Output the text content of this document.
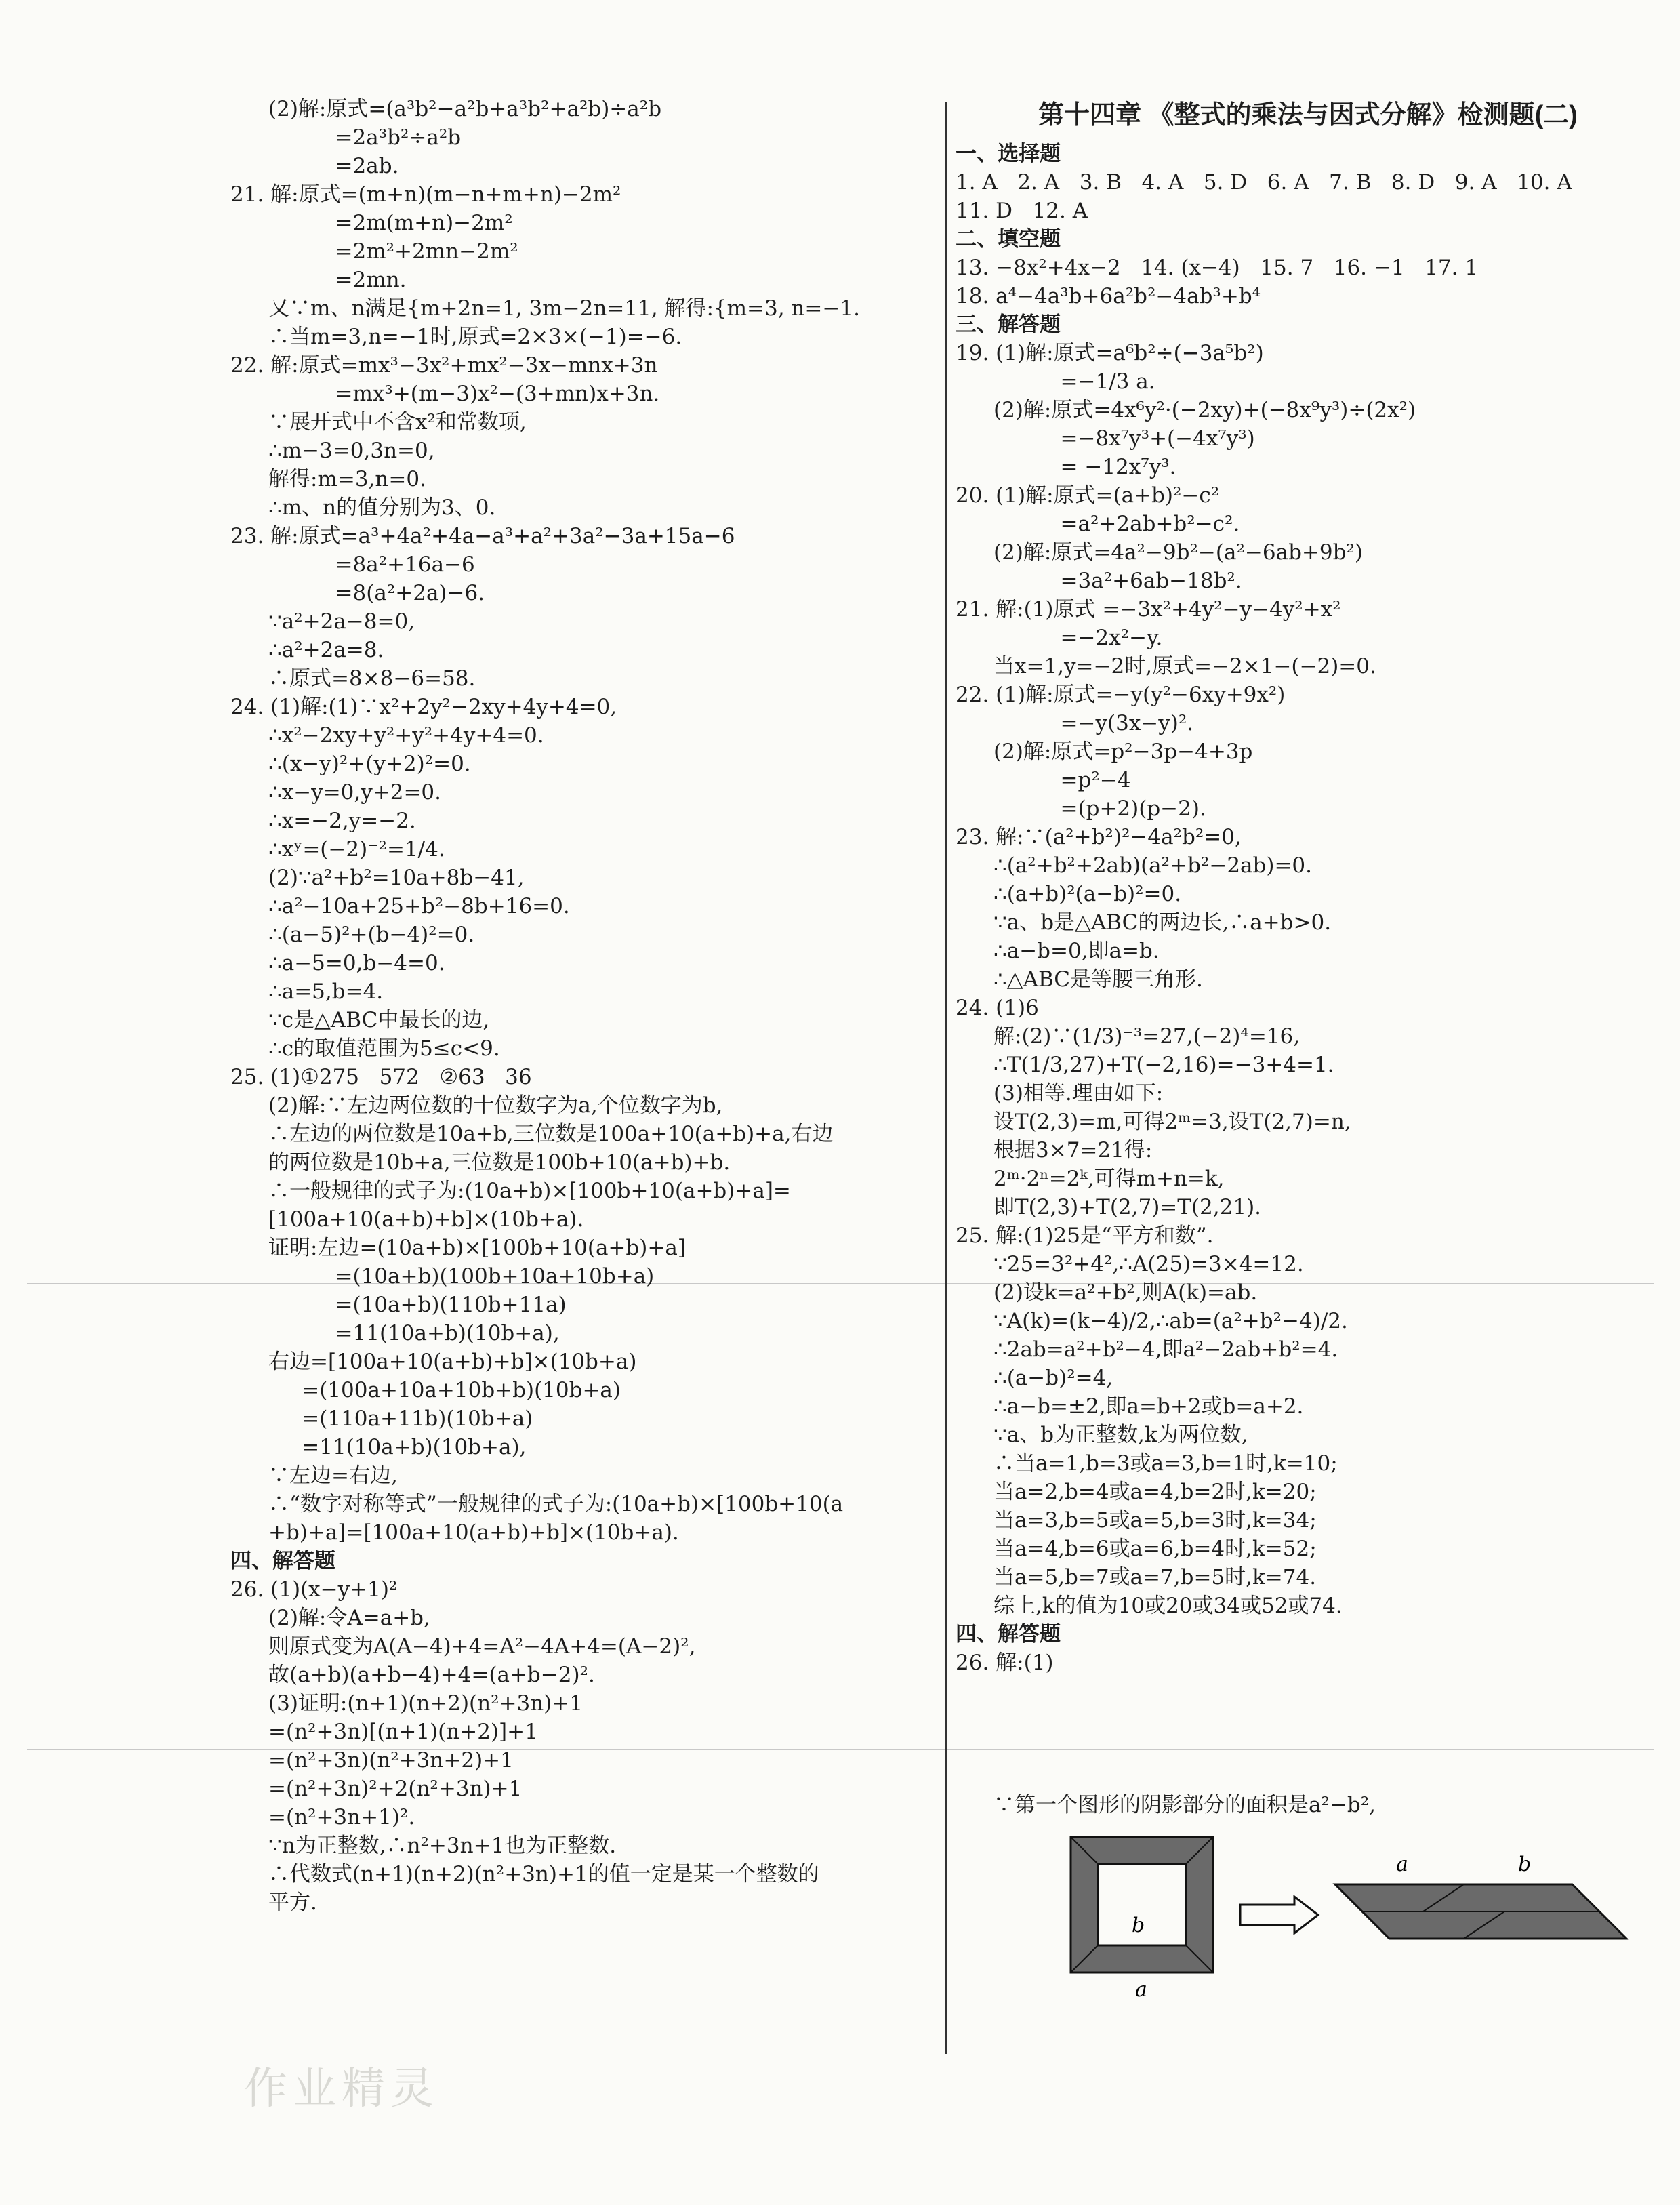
(2)解:原式=(a³b²−a²b+a³b²+a²b)÷a²b
=2a³b²÷a²b
=2ab.
21. 解:原式=(m+n)(m−n+m+n)−2m²
=2m(m+n)−2m²
=2m²+2mn−2m²
=2mn.
又∵m、n满足{m+2n=1, 3m−2n=11, 解得:{m=3, n=−1.
∴当m=3,n=−1时,原式=2×3×(−1)=−6.
22. 解:原式=mx³−3x²+mx²−3x−mnx+3n
=mx³+(m−3)x²−(3+mn)x+3n.
∵展开式中不含x²和常数项,
∴m−3=0,3n=0,
解得:m=3,n=0.
∴m、n的值分别为3、0.
23. 解:原式=a³+4a²+4a−a³+a²+3a²−3a+15a−6
=8a²+16a−6
=8(a²+2a)−6.
∵a²+2a−8=0,
∴a²+2a=8.
∴原式=8×8−6=58.
24. (1)解:(1)∵x²+2y²−2xy+4y+4=0,
∴x²−2xy+y²+y²+4y+4=0.
∴(x−y)²+(y+2)²=0.
∴x−y=0,y+2=0.
∴x=−2,y=−2.
∴xʸ=(−2)⁻²=1/4.
(2)∵a²+b²=10a+8b−41,
∴a²−10a+25+b²−8b+16=0.
∴(a−5)²+(b−4)²=0.
∴a−5=0,b−4=0.
∴a=5,b=4.
∵c是△ABC中最长的边,
∴c的取值范围为5≤c<9.
25. (1)①275   572   ②63   36
(2)解:∵左边两位数的十位数字为a,个位数字为b,
∴左边的两位数是10a+b,三位数是100a+10(a+b)+a,右边
的两位数是10b+a,三位数是100b+10(a+b)+b.
∴一般规律的式子为:(10a+b)×[100b+10(a+b)+a]=
[100a+10(a+b)+b]×(10b+a).
证明:左边=(10a+b)×[100b+10(a+b)+a]
=(10a+b)(100b+10a+10b+a)
=(10a+b)(110b+11a)
=11(10a+b)(10b+a),
右边=[100a+10(a+b)+b]×(10b+a)
=(100a+10a+10b+b)(10b+a)
=(110a+11b)(10b+a)
=11(10a+b)(10b+a),
∵左边=右边,
∴“数字对称等式”一般规律的式子为:(10a+b)×[100b+10(a
+b)+a]=[100a+10(a+b)+b]×(10b+a).
四、解答题
26. (1)(x−y+1)²
(2)解:令A=a+b,
则原式变为A(A−4)+4=A²−4A+4=(A−2)²,
故(a+b)(a+b−4)+4=(a+b−2)².
(3)证明:(n+1)(n+2)(n²+3n)+1
=(n²+3n)[(n+1)(n+2)]+1
=(n²+3n)(n²+3n+2)+1
=(n²+3n)²+2(n²+3n)+1
=(n²+3n+1)².
∵n为正整数,∴n²+3n+1也为正整数.
∴代数式(n+1)(n+2)(n²+3n)+1的值一定是某一个整数的
平方.
第十四章 《整式的乘法与因式分解》检测题(二)
一、选择题
1. A   2. A   3. B   4. A   5. D   6. A   7. B   8. D   9. A   10. A
11. D   12. A
二、填空题
13. −8x²+4x−2   14. (x−4)   15. 7   16. −1   17. 1
18. a⁴−4a³b+6a²b²−4ab³+b⁴
三、解答题
19. (1)解:原式=a⁶b²÷(−3a⁵b²)
=−1/3 a.
(2)解:原式=4x⁶y²·(−2xy)+(−8x⁹y³)÷(2x²)
=−8x⁷y³+(−4x⁷y³)
= −12x⁷y³.
20. (1)解:原式=(a+b)²−c²
=a²+2ab+b²−c².
(2)解:原式=4a²−9b²−(a²−6ab+9b²)
=3a²+6ab−18b².
21. 解:(1)原式 =−3x²+4y²−y−4y²+x²
=−2x²−y.
当x=1,y=−2时,原式=−2×1−(−2)=0.
22. (1)解:原式=−y(y²−6xy+9x²)
=−y(3x−y)².
(2)解:原式=p²−3p−4+3p
=p²−4
=(p+2)(p−2).
23. 解:∵(a²+b²)²−4a²b²=0,
∴(a²+b²+2ab)(a²+b²−2ab)=0.
∴(a+b)²(a−b)²=0.
∵a、b是△ABC的两边长,∴a+b>0.
∴a−b=0,即a=b.
∴△ABC是等腰三角形.
24. (1)6
解:(2)∵(1/3)⁻³=27,(−2)⁴=16,
∴T(1/3,27)+T(−2,16)=−3+4=1.
(3)相等.理由如下:
设T(2,3)=m,可得2ᵐ=3,设T(2,7)=n,
根据3×7=21得:
2ᵐ·2ⁿ=2ᵏ,可得m+n=k,
即T(2,3)+T(2,7)=T(2,21).
25. 解:(1)25是“平方和数”.
∵25=3²+4²,∴A(25)=3×4=12.
(2)设k=a²+b²,则A(k)=ab.
∵A(k)=(k−4)/2,∴ab=(a²+b²−4)/2.
∴2ab=a²+b²−4,即a²−2ab+b²=4.
∴(a−b)²=4,
∴a−b=±2,即a=b+2或b=a+2.
∵a、b为正整数,k为两位数,
∴当a=1,b=3或a=3,b=1时,k=10;
当a=2,b=4或a=4,b=2时,k=20;
当a=3,b=5或a=5,b=3时,k=34;
当a=4,b=6或a=6,b=4时,k=52;
当a=5,b=7或a=7,b=5时,k=74.
综上,k的值为10或20或34或52或74.
四、解答题
26. 解:(1)
∵第一个图形的阴影部分的面积是a²−b²,
b
a
a	b
作业精灵
